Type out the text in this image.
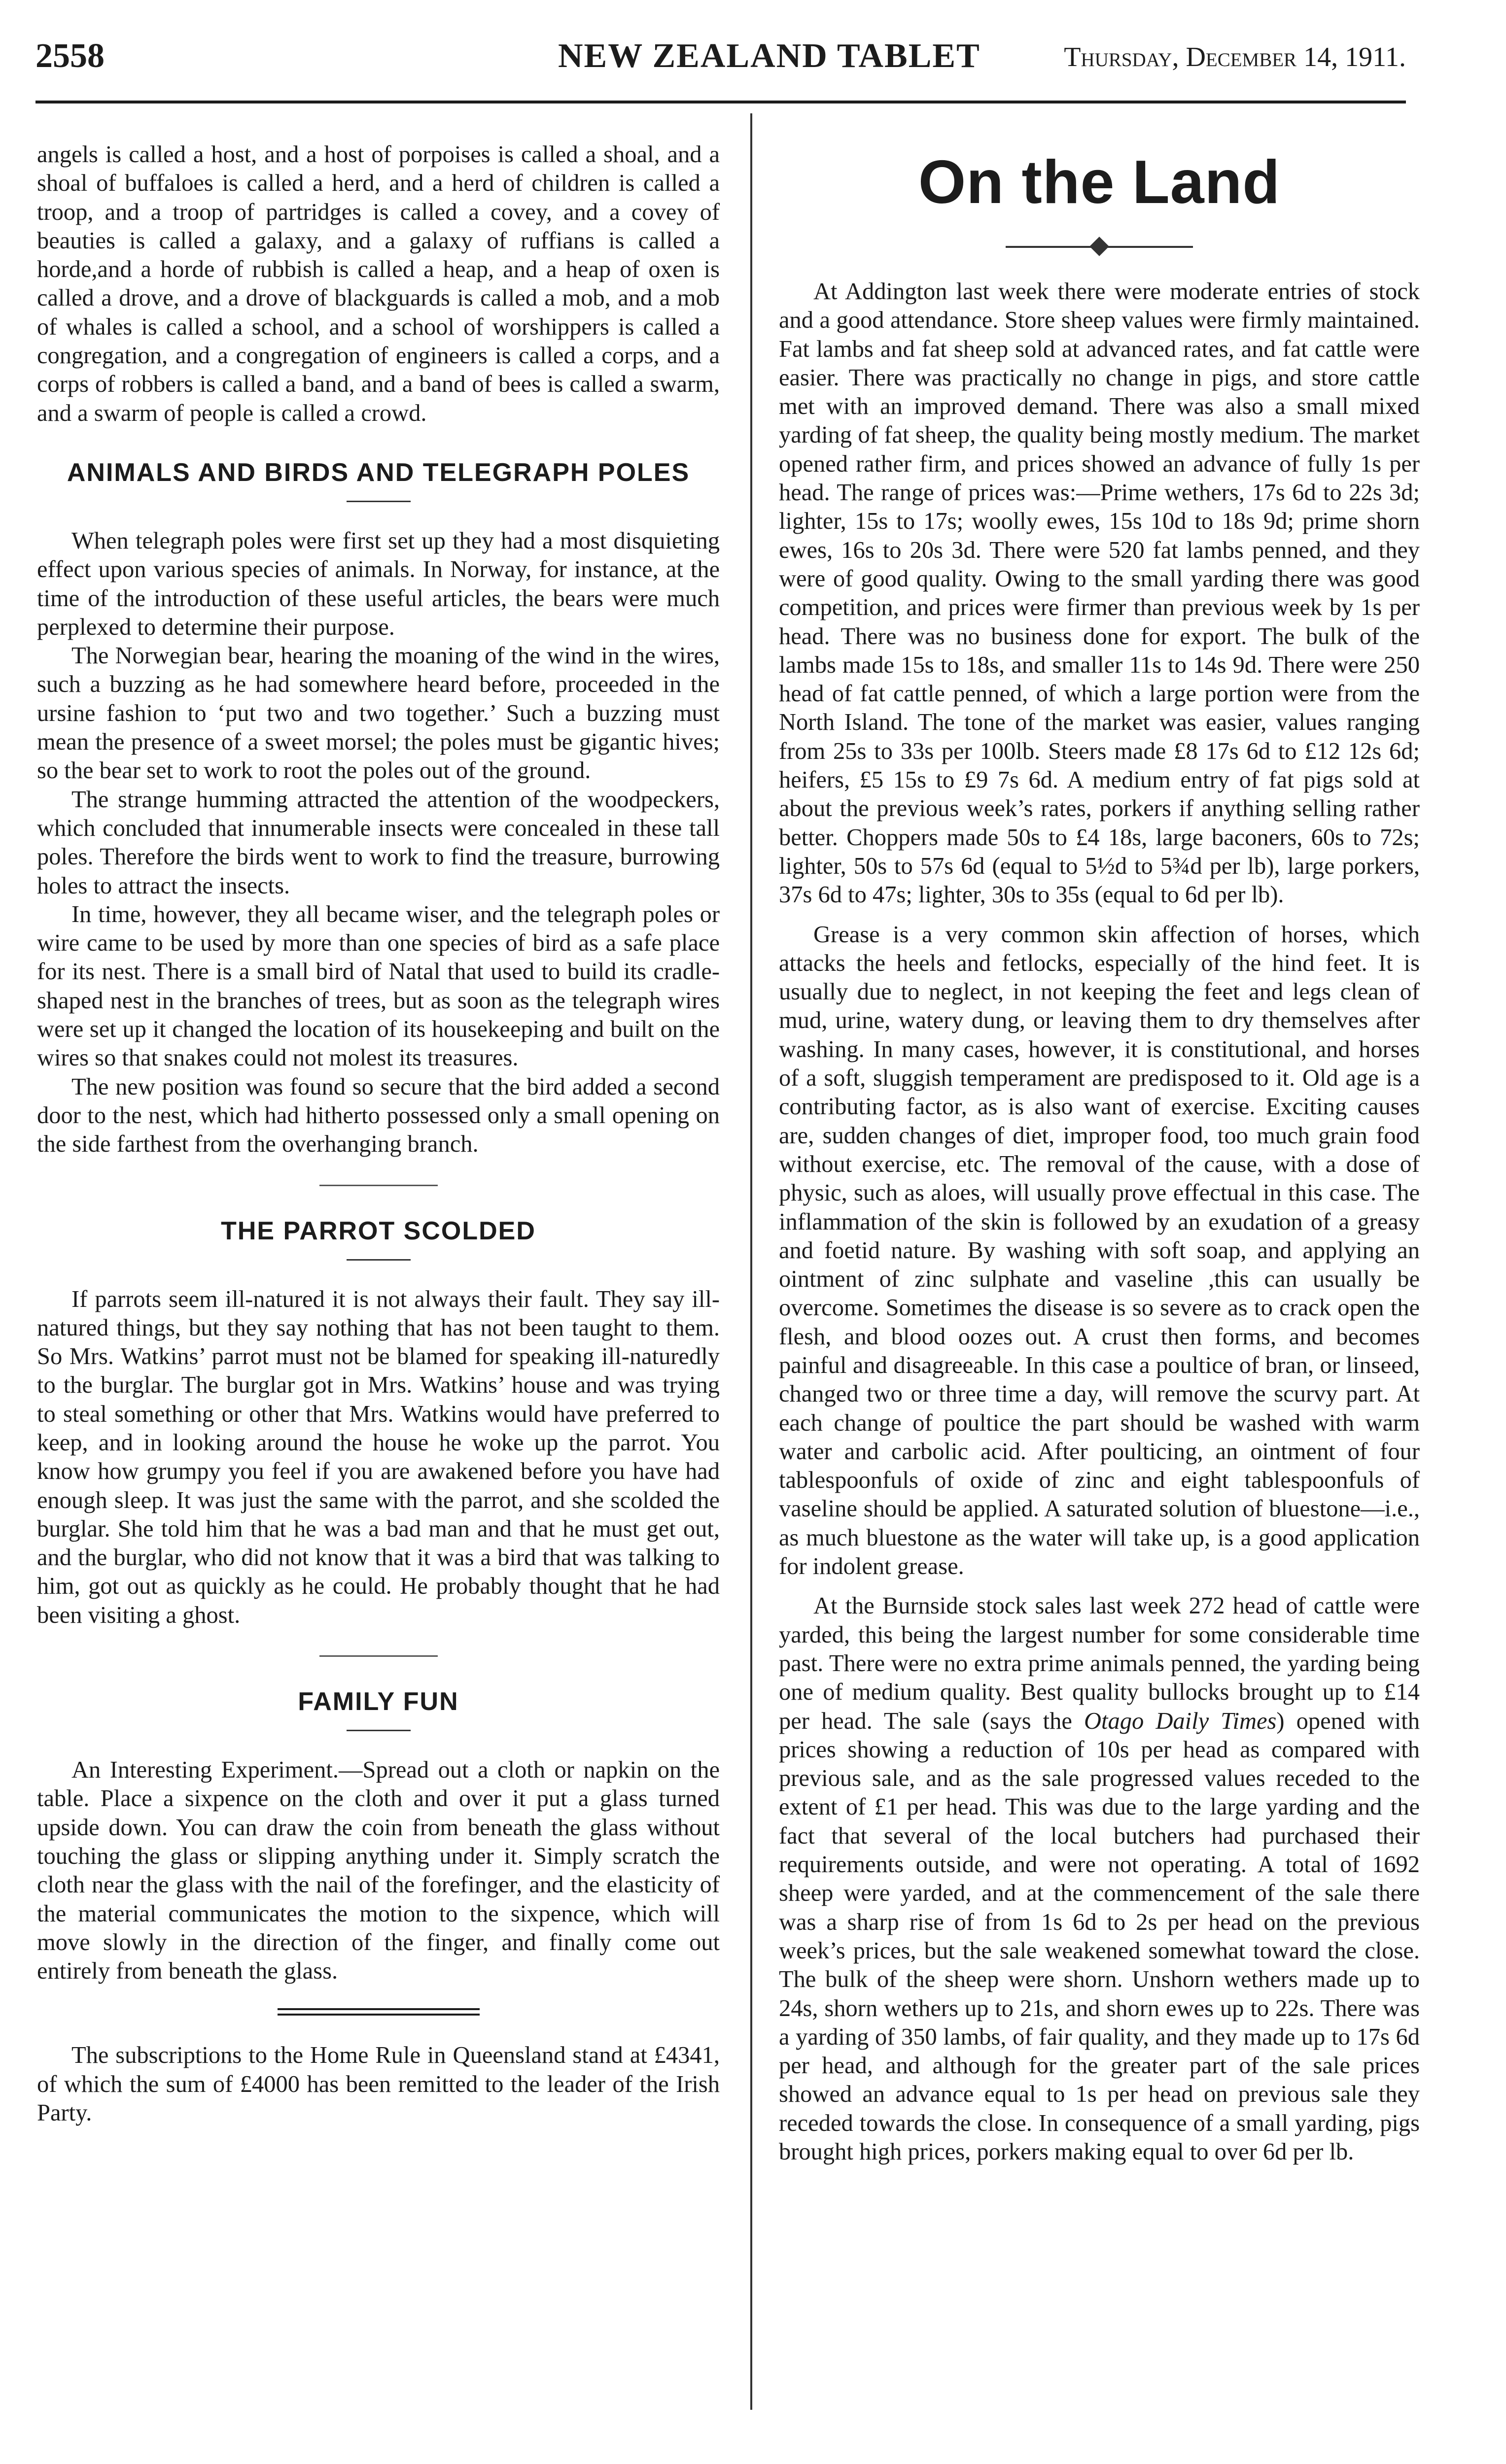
2558	NEW ZEALAND TABLET	Thursday, December 14, 1911.

angels is called a host, and a host of porpoises is called a shoal, and a shoal of buffaloes is called a herd, and a herd of children is called a troop, and a troop of partridges is called a covey, and a covey of beauties is called a galaxy, and a galaxy of ruffians is called a horde,and a horde of rubbish is called a heap, and a heap of oxen is called a drove, and a drove of blackguards is called a mob, and a mob of whales is called a school, and a school of worshippers is called a congregation, and a congregation of engineers is called a corps, and a corps of robbers is called a band, and a band of bees is called a swarm, and a swarm of people is called a crowd.

ANIMALS AND BIRDS AND TELEGRAPH POLES

When telegraph poles were first set up they had a most disquieting effect upon various species of animals. In Norway, for instance, at the time of the introduction of these useful articles, the bears were much perplexed to determine their purpose.

The Norwegian bear, hearing the moaning of the wind in the wires, such a buzzing as he had somewhere heard before, proceeded in the ursine fashion to ‘put two and two together.’ Such a buzzing must mean the presence of a sweet morsel; the poles must be gigantic hives; so the bear set to work to root the poles out of the ground.

The strange humming attracted the attention of the woodpeckers, which concluded that innumerable insects were concealed in these tall poles. Therefore the birds went to work to find the treasure, burrowing holes to attract the insects.

In time, however, they all became wiser, and the telegraph poles or wire came to be used by more than one species of bird as a safe place for its nest. There is a small bird of Natal that used to build its cradle-shaped nest in the branches of trees, but as soon as the telegraph wires were set up it changed the location of its housekeeping and built on the wires so that snakes could not molest its treasures.

The new position was found so secure that the bird added a second door to the nest, which had hitherto possessed only a small opening on the side farthest from the overhanging branch.

THE PARROT SCOLDED

If parrots seem ill-natured it is not always their fault. They say ill-natured things, but they say nothing that has not been taught to them. So Mrs. Watkins’ parrot must not be blamed for speaking ill-naturedly to the burglar. The burglar got in Mrs. Watkins’ house and was trying to steal something or other that Mrs. Watkins would have preferred to keep, and in looking around the house he woke up the parrot. You know how grumpy you feel if you are awakened before you have had enough sleep. It was just the same with the parrot, and she scolded the burglar. She told him that he was a bad man and that he must get out, and the burglar, who did not know that it was a bird that was talking to him, got out as quickly as he could. He probably thought that he had been visiting a ghost.

FAMILY FUN

An Interesting Experiment.—Spread out a cloth or napkin on the table. Place a sixpence on the cloth and over it put a glass turned upside down. You can draw the coin from beneath the glass without touching the glass or slipping anything under it. Simply scratch the cloth near the glass with the nail of the forefinger, and the elasticity of the material communicates the motion to the sixpence, which will move slowly in the direction of the finger, and finally come out entirely from beneath the glass.

The subscriptions to the Home Rule in Queensland stand at £4341, of which the sum of £4000 has been remitted to the leader of the Irish Party.

On the Land

At Addington last week there were moderate entries of stock and a good attendance. Store sheep values were firmly maintained. Fat lambs and fat sheep sold at advanced rates, and fat cattle were easier. There was practically no change in pigs, and store cattle met with an improved demand. There was also a small mixed yarding of fat sheep, the quality being mostly medium. The market opened rather firm, and prices showed an advance of fully 1s per head. The range of prices was:—Prime wethers, 17s 6d to 22s 3d; lighter, 15s to 17s; woolly ewes, 15s 10d to 18s 9d; prime shorn ewes, 16s to 20s 3d. There were 520 fat lambs penned, and they were of good quality. Owing to the small yarding there was good competition, and prices were firmer than previous week by 1s per head. There was no business done for export. The bulk of the lambs made 15s to 18s, and smaller 11s to 14s 9d. There were 250 head of fat cattle penned, of which a large portion were from the North Island. The tone of the market was easier, values ranging from 25s to 33s per 100lb. Steers made £8 17s 6d to £12 12s 6d; heifers, £5 15s to £9 7s 6d. A medium entry of fat pigs sold at about the previous week’s rates, porkers if anything selling rather better. Choppers made 50s to £4 18s, large baconers, 60s to 72s; lighter, 50s to 57s 6d (equal to 5½d to 5¾d per lb), large porkers, 37s 6d to 47s; lighter, 30s to 35s (equal to 6d per lb).

Grease is a very common skin affection of horses, which attacks the heels and fetlocks, especially of the hind feet. It is usually due to neglect, in not keeping the feet and legs clean of mud, urine, watery dung, or leaving them to dry themselves after washing. In many cases, however, it is constitutional, and horses of a soft, sluggish temperament are predisposed to it. Old age is a contributing factor, as is also want of exercise. Exciting causes are, sudden changes of diet, improper food, too much grain food without exercise, etc. The removal of the cause, with a dose of physic, such as aloes, will usually prove effectual in this case. The inflammation of the skin is followed by an exudation of a greasy and foetid nature. By washing with soft soap, and applying an ointment of zinc sulphate and vaseline ,this can usually be overcome. Sometimes the disease is so severe as to crack open the flesh, and blood oozes out. A crust then forms, and becomes painful and disagreeable. In this case a poultice of bran, or linseed, changed two or three time a day, will remove the scurvy part. At each change of poultice the part should be washed with warm water and carbolic acid. After poulticing, an ointment of four tablespoonfuls of oxide of zinc and eight tablespoonfuls of vaseline should be applied. A saturated solution of bluestone—i.e., as much bluestone as the water will take up, is a good application for indolent grease.

At the Burnside stock sales last week 272 head of cattle were yarded, this being the largest number for some considerable time past. There were no extra prime animals penned, the yarding being one of medium quality. Best quality bullocks brought up to £14 per head. The sale (says the Otago Daily Times) opened with prices showing a reduction of 10s per head as compared with previous sale, and as the sale progressed values receded to the extent of £1 per head. This was due to the large yarding and the fact that several of the local butchers had purchased their requirements outside, and were not operating. A total of 1692 sheep were yarded, and at the commencement of the sale there was a sharp rise of from 1s 6d to 2s per head on the previous week’s prices, but the sale weakened somewhat toward the close. The bulk of the sheep were shorn. Unshorn wethers made up to 24s, shorn wethers up to 21s, and shorn ewes up to 22s. There was a yarding of 350 lambs, of fair quality, and they made up to 17s 6d per head, and although for the greater part of the sale prices showed an advance equal to 1s per head on previous sale they receded towards the close. In consequence of a small yarding, pigs brought high prices, porkers making equal to over 6d per lb.
